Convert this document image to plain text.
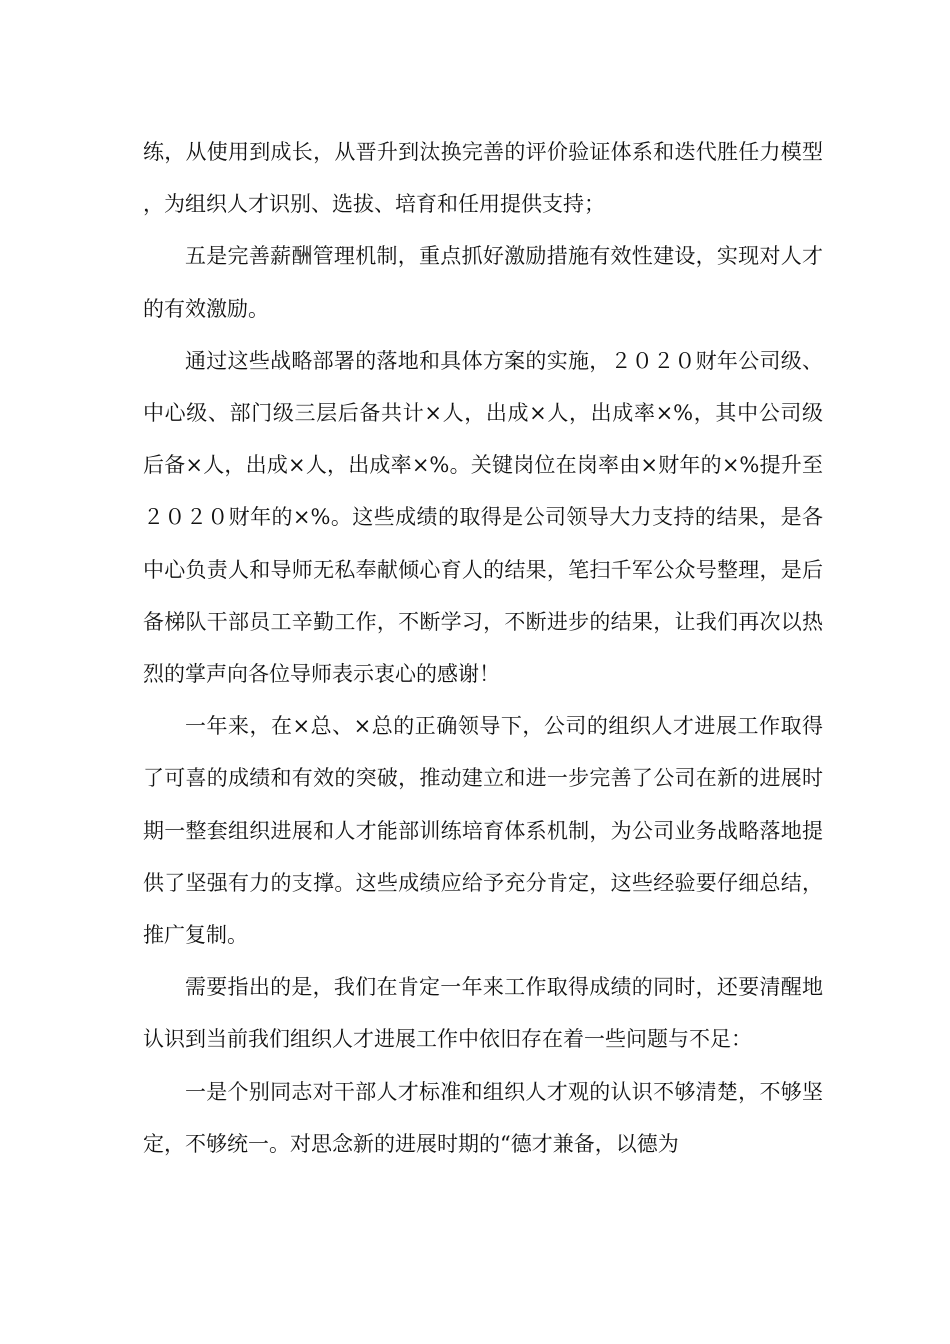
练，从使用到成长，从晋升到汰换完善的评价验证体系和迭代胜任力模型，为组织人才识别、选拔、培育和任用提供支持；

五是完善薪酬管理机制，重点抓好激励措施有效性建设，实现对人才的有效激励。

通过这些战略部署的落地和具体方案的实施，２０２０财年公司级、中心级、部门级三层后备共计×人，出成×人，出成率×%，其中公司级后备×人，出成×人，出成率×%。关键岗位在岗率由×财年的×%提升至２０２０财年的×%。这些成绩的取得是公司领导大力支持的结果，是各中心负责人和导师无私奉献倾心育人的结果，笔扫千军公众号整理，是后备梯队干部员工辛勤工作，不断学习，不断进步的结果，让我们再次以热烈的掌声向各位导师表示衷心的感谢！

一年来，在×总、×总的正确领导下，公司的组织人才进展工作取得了可喜的成绩和有效的突破，推动建立和进一步完善了公司在新的进展时期一整套组织进展和人才能部训练培育体系机制，为公司业务战略落地提供了坚强有力的支撑。这些成绩应给予充分肯定，这些经验要仔细总结，推广复制。

需要指出的是，我们在肯定一年来工作取得成绩的同时，还要清醒地认识到当前我们组织人才进展工作中依旧存在着一些问题与不足：

一是个别同志对干部人才标准和组织人才观的认识不够清楚，不够坚定，不够统一。对思念新的进展时期的“德才兼备，以德为
